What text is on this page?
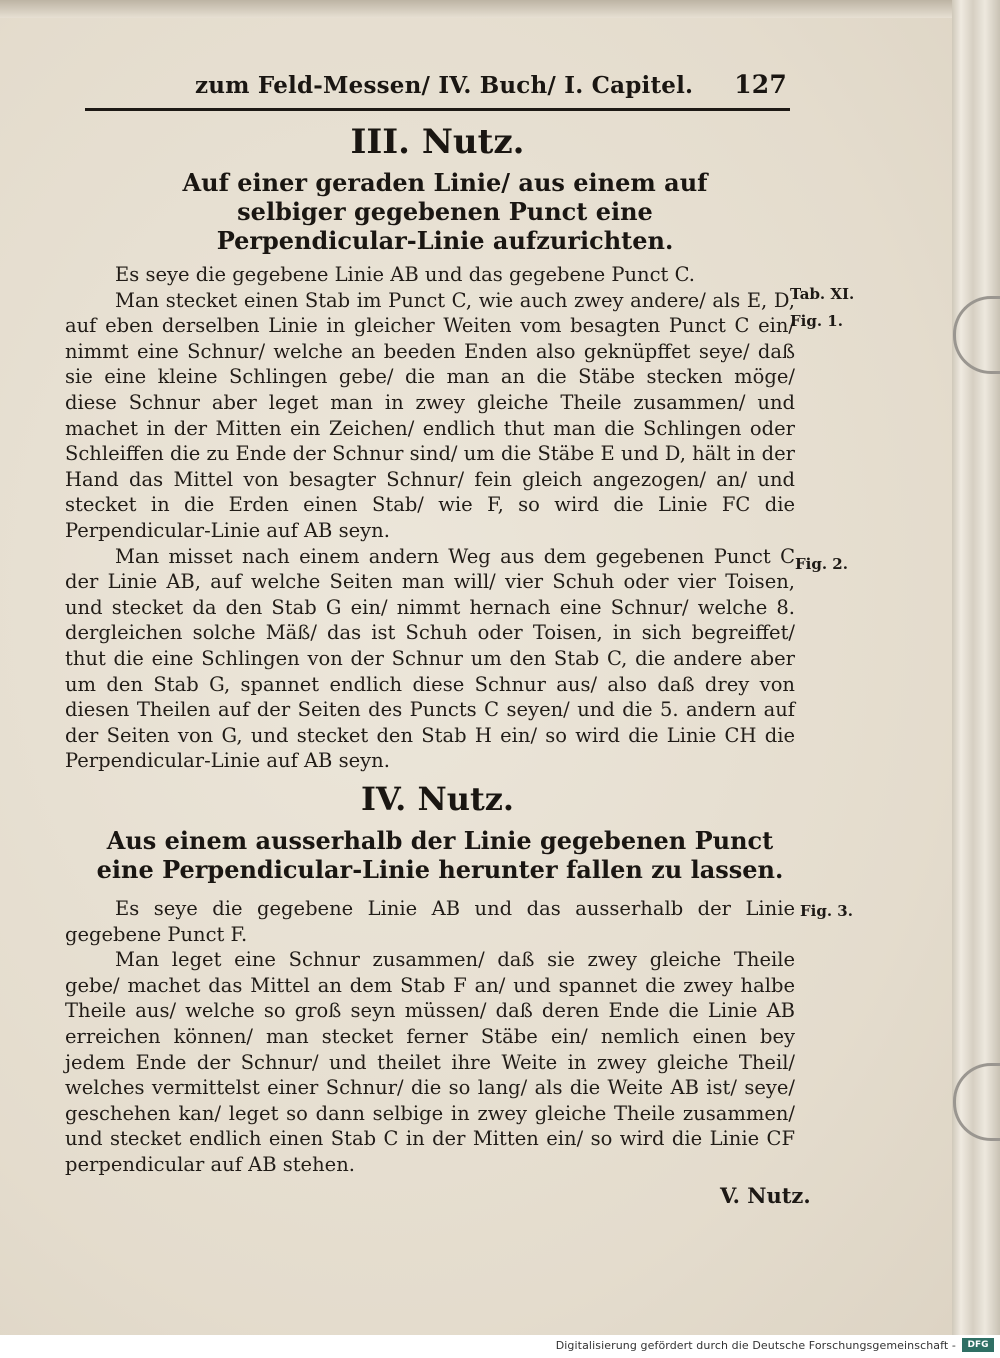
zum Feld-Messen/ IV. Buch/ I. Capitel. 127
III. Nutz.
Auf einer geraden Linie/ aus einem auf selbiger gegebenen Punct eine Perpendicular-Linie aufzurichten.

Es seye die gegebene Linie AB und das gegebene Punct C.

Man stecket einen Stab im Punct C, wie auch zwey andere/ als E, D, auf eben derselben Linie in gleicher Weiten vom besagten Punct C ein/ nimmt eine Schnur/ welche an beeden Enden also geknüpffet seye/ daß sie eine kleine Schlingen gebe/ die man an die Stäbe stecken möge/ diese Schnur aber leget man in zwey gleiche Theile zusammen/ und machet in der Mitten ein Zeichen/ endlich thut man die Schlingen oder Schleiffen die zu Ende der Schnur sind/ um die Stäbe E und D, hält in der Hand das Mittel von besagter Schnur/ fein gleich angezogen/ an/ und stecket in die Erden einen Stab/ wie F, so wird die Linie FC die Perpendicular-Linie auf AB seyn.

Man misset nach einem andern Weg aus dem gegebenen Punct C der Linie AB, auf welche Seiten man will/ vier Schuh oder vier Toisen, und stecket da den Stab G ein/ nimmt hernach eine Schnur/ welche 8. dergleichen solche Mäß/ das ist Schuh oder Toisen, in sich begreiffet/ thut die eine Schlingen von der Schnur um den Stab C, die andere aber um den Stab G, spannet endlich diese Schnur aus/ also daß drey von diesen Theilen auf der Seiten des Puncts C seyen/ und die 5. andern auf der Seiten von G, und stecket den Stab H ein/ so wird die Linie CH die Perpendicular-Linie auf AB seyn.

Tab. XI.
Fig. 1.
Fig. 2.
IV. Nutz.
Aus einem ausserhalb der Linie gegebenen Punct eine Perpendicular-Linie herunter fallen zu lassen.

Es seye die gegebene Linie AB und das ausserhalb der Linie gegebene Punct F.

Man leget eine Schnur zusammen/ daß sie zwey gleiche Theile gebe/ machet das Mittel an dem Stab F an/ und spannet die zwey halbe Theile aus/ welche so groß seyn müssen/ daß deren Ende die Linie AB erreichen können/ man stecket ferner Stäbe ein/ nemlich einen bey jedem Ende der Schnur/ und theilet ihre Weite in zwey gleiche Theil/ welches vermittelst einer Schnur/ die so lang/ als die Weite AB ist/ seye/ geschehen kan/ leget so dann selbige in zwey gleiche Theile zusammen/ und stecket endlich einen Stab C in der Mitten ein/ so wird die Linie CF perpendicular auf AB stehen.

Fig. 3.
V. Nutz.
Digitalisierung gefördert durch die Deutsche Forschungsgemeinschaft -	DFG
